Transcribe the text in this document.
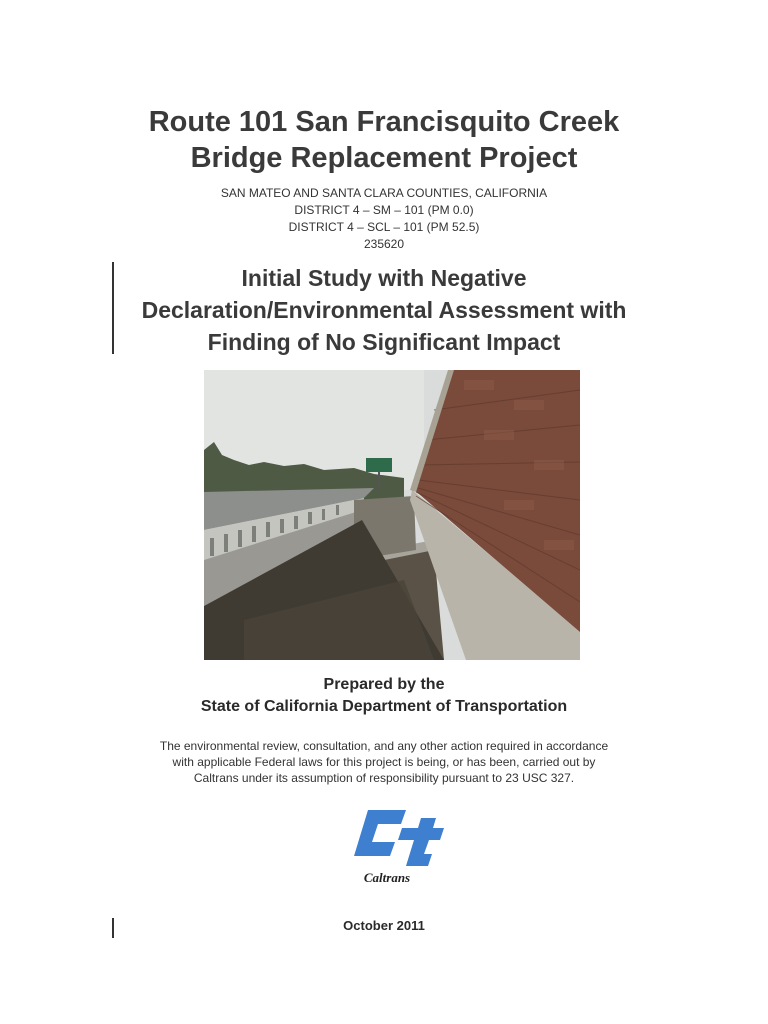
Route 101 San Francisquito Creek
Bridge Replacement Project
SAN MATEO AND SANTA CLARA COUNTIES, CALIFORNIA
DISTRICT 4 – SM – 101 (PM 0.0)
DISTRICT 4 – SCL – 101 (PM 52.5)
235620
Initial Study with Negative
Declaration/Environmental Assessment with
Finding of No Significant Impact
Prepared by the
State of California Department of Transportation
The environmental review, consultation, and any other action required in accordance
with applicable Federal laws for this project is being, or has been, carried out by
Caltrans under its assumption of responsibility pursuant to 23 USC 327.
Caltrans
October 2011
